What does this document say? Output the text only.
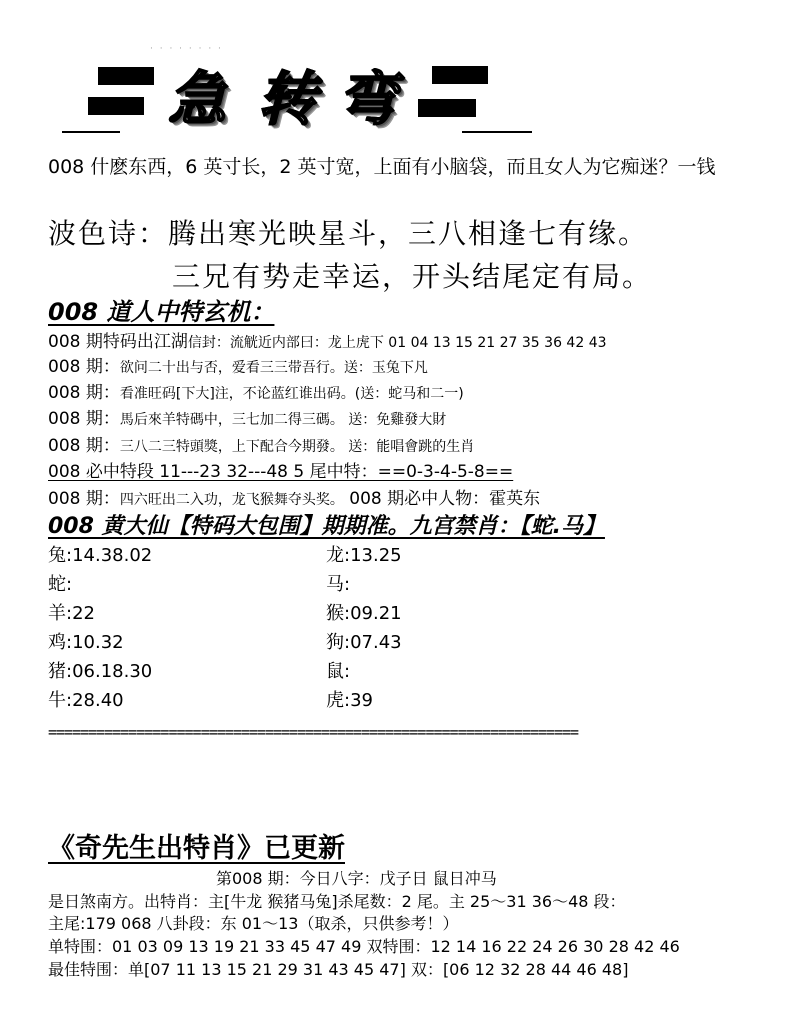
· · · · · · · ·
急 转 弯
008 什麽东西，6 英寸长，2 英寸宽，上面有小脑袋，而且女人为它痴迷？一钱
波色诗：腾出寒光映星斗，三八相逢七有缘。
三兄有势走幸运，开头结尾定有局。
008 道人中特玄机：
008 期特码出江湖信封：流觥近内部曰：龙上虎下 01 04 13 15 21 27 35 36 42 43
008 期：欲问二十出与否，爱看三三带吾行。送：玉兔下凡
008 期：看准旺码[下大]注，不论蓝红谁出码。(送：蛇马和二一)
008 期：馬后來羊特碼中，三七加二得三碼。 送：免雞發大財
008 期：三八二三特頭獎，上下配合今期發。 送：能唱會跳的生肖
008 必中特段 11---23 32---48 5 尾中特：==0-3-4-5-8==
008 期：四六旺出二入功，龙飞猴舞夺头奖。 008 期必中人物：霍英东
008 黄大仙【特码大包围】期期准。九宫禁肖：【蛇.马】
兔:14.38.02
蛇:
羊:22
鸡:10.32
猪:06.18.30
牛:28.40
龙:13.25
马:
猴:09.21
狗:07.43
鼠:
虎:39
==================================================================
《奇先生出特肖》已更新
第008 期：今日八字：戊子日 鼠日冲马
是日煞南方。出特肖：主[牛龙 猴猪马兔]杀尾数：2 尾。主 25～31 36～48 段：
主尾:179 068 八卦段：东 01～13（取杀，只供参考！）
单特围：01 03 09 13 19 21 33 45 47 49 双特围：12 14 16 22 24 26 30 28 42 46
最佳特围：单[07 11 13 15 21 29 31 43 45 47] 双：[06 12 32 28 44 46 48]
